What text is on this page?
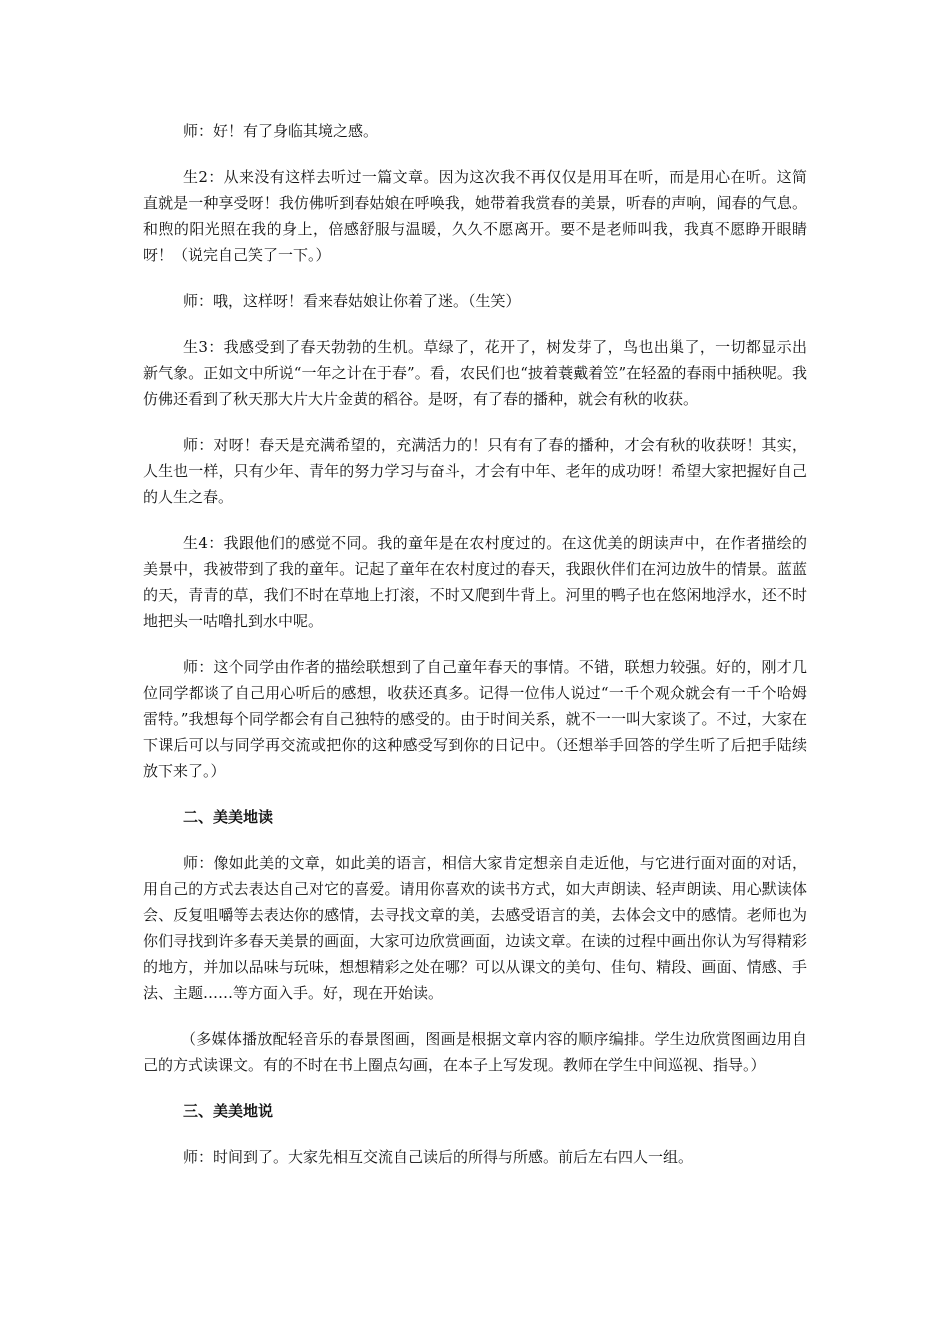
师：好！有了身临其境之感。

生2：从来没有这样去听过一篇文章。因为这次我不再仅仅是用耳在听，而是用心在听。这简直就是一种享受呀！我仿佛听到春姑娘在呼唤我，她带着我赏春的美景，听春的声响，闻春的气息。和煦的阳光照在我的身上，倍感舒服与温暖，久久不愿离开。要不是老师叫我，我真不愿睁开眼睛呀！（说完自己笑了一下。）

师：哦，这样呀！看来春姑娘让你着了迷。（生笑）

生3：我感受到了春天勃勃的生机。草绿了，花开了，树发芽了，鸟也出巢了，一切都显示出新气象。正如文中所说“一年之计在于春”。看，农民们也“披着蓑戴着笠”在轻盈的春雨中插秧呢。我仿佛还看到了秋天那大片大片金黄的稻谷。是呀，有了春的播种，就会有秋的收获。

师：对呀！春天是充满希望的，充满活力的！只有有了春的播种，才会有秋的收获呀！其实，人生也一样，只有少年、青年的努力学习与奋斗，才会有中年、老年的成功呀！希望大家把握好自己的人生之春。

生4：我跟他们的感觉不同。我的童年是在农村度过的。在这优美的朗读声中，在作者描绘的美景中，我被带到了我的童年。记起了童年在农村度过的春天，我跟伙伴们在河边放牛的情景。蓝蓝的天，青青的草，我们不时在草地上打滚，不时又爬到牛背上。河里的鸭子也在悠闲地浮水，还不时地把头一咕噜扎到水中呢。

师：这个同学由作者的描绘联想到了自己童年春天的事情。不错，联想力较强。好的，刚才几位同学都谈了自己用心听后的感想，收获还真多。记得一位伟人说过“一千个观众就会有一千个哈姆雷特。”我想每个同学都会有自己独特的感受的。由于时间关系，就不一一叫大家谈了。不过，大家在下课后可以与同学再交流或把你的这种感受写到你的日记中。（还想举手回答的学生听了后把手陆续放下来了。）

二、美美地读

师：像如此美的文章，如此美的语言，相信大家肯定想亲自走近他，与它进行面对面的对话，用自己的方式去表达自己对它的喜爱。请用你喜欢的读书方式，如大声朗读、轻声朗读、用心默读体会、反复咀嚼等去表达你的感情，去寻找文章的美，去感受语言的美，去体会文中的感情。老师也为你们寻找到许多春天美景的画面，大家可边欣赏画面，边读文章。在读的过程中画出你认为写得精彩的地方，并加以品味与玩味，想想精彩之处在哪？可以从课文的美句、佳句、精段、画面、情感、手法、主题……等方面入手。好，现在开始读。

（多媒体播放配轻音乐的春景图画，图画是根据文章内容的顺序编排。学生边欣赏图画边用自己的方式读课文。有的不时在书上圈点勾画，在本子上写发现。教师在学生中间巡视、指导。）

三、美美地说

师：时间到了。大家先相互交流自己读后的所得与所感。前后左右四人一组。
